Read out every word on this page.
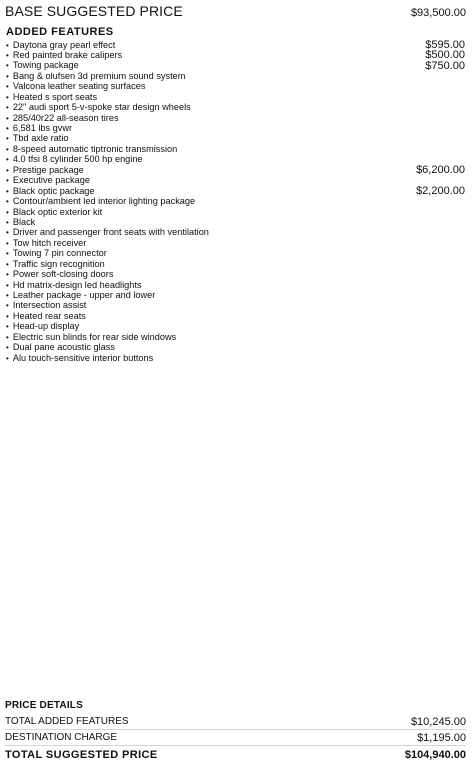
BASE SUGGESTED PRICE	$93,500.00
ADDED FEATURES
• Daytona gray pearl effect	$595.00
• Red painted brake calipers	$500.00
• Towing package	$750.00
• Bang & olufsen 3d premium sound system
• Valcona leather seating surfaces
• Heated s sport seats
• 22" audi sport 5-v-spoke star design wheels
• 285/40r22 all-season tires
• 6,581 lbs gvwr
• Tbd axle ratio
• 8-speed automatic tiptronic transmission
• 4.0 tfsi 8 cylinder 500 hp engine
• Prestige package	$6,200.00
• Executive package
• Black optic package	$2,200.00
• Contour/ambient led interior lighting package
• Black optic exterior kit
• Black
• Driver and passenger front seats with ventilation
• Tow hitch receiver
• Towing 7 pin connector
• Traffic sign recognition
• Power soft-closing doors
• Hd matrix-design led headlights
• Leather package - upper and lower
• Intersection assist
• Heated rear seats
• Head-up display
• Electric sun blinds for rear side windows
• Dual pane acoustic glass
• Alu touch-sensitive interior buttons
PRICE DETAILS
TOTAL ADDED FEATURES	$10,245.00
DESTINATION CHARGE	$1,195.00
TOTAL SUGGESTED PRICE	$104,940.00
